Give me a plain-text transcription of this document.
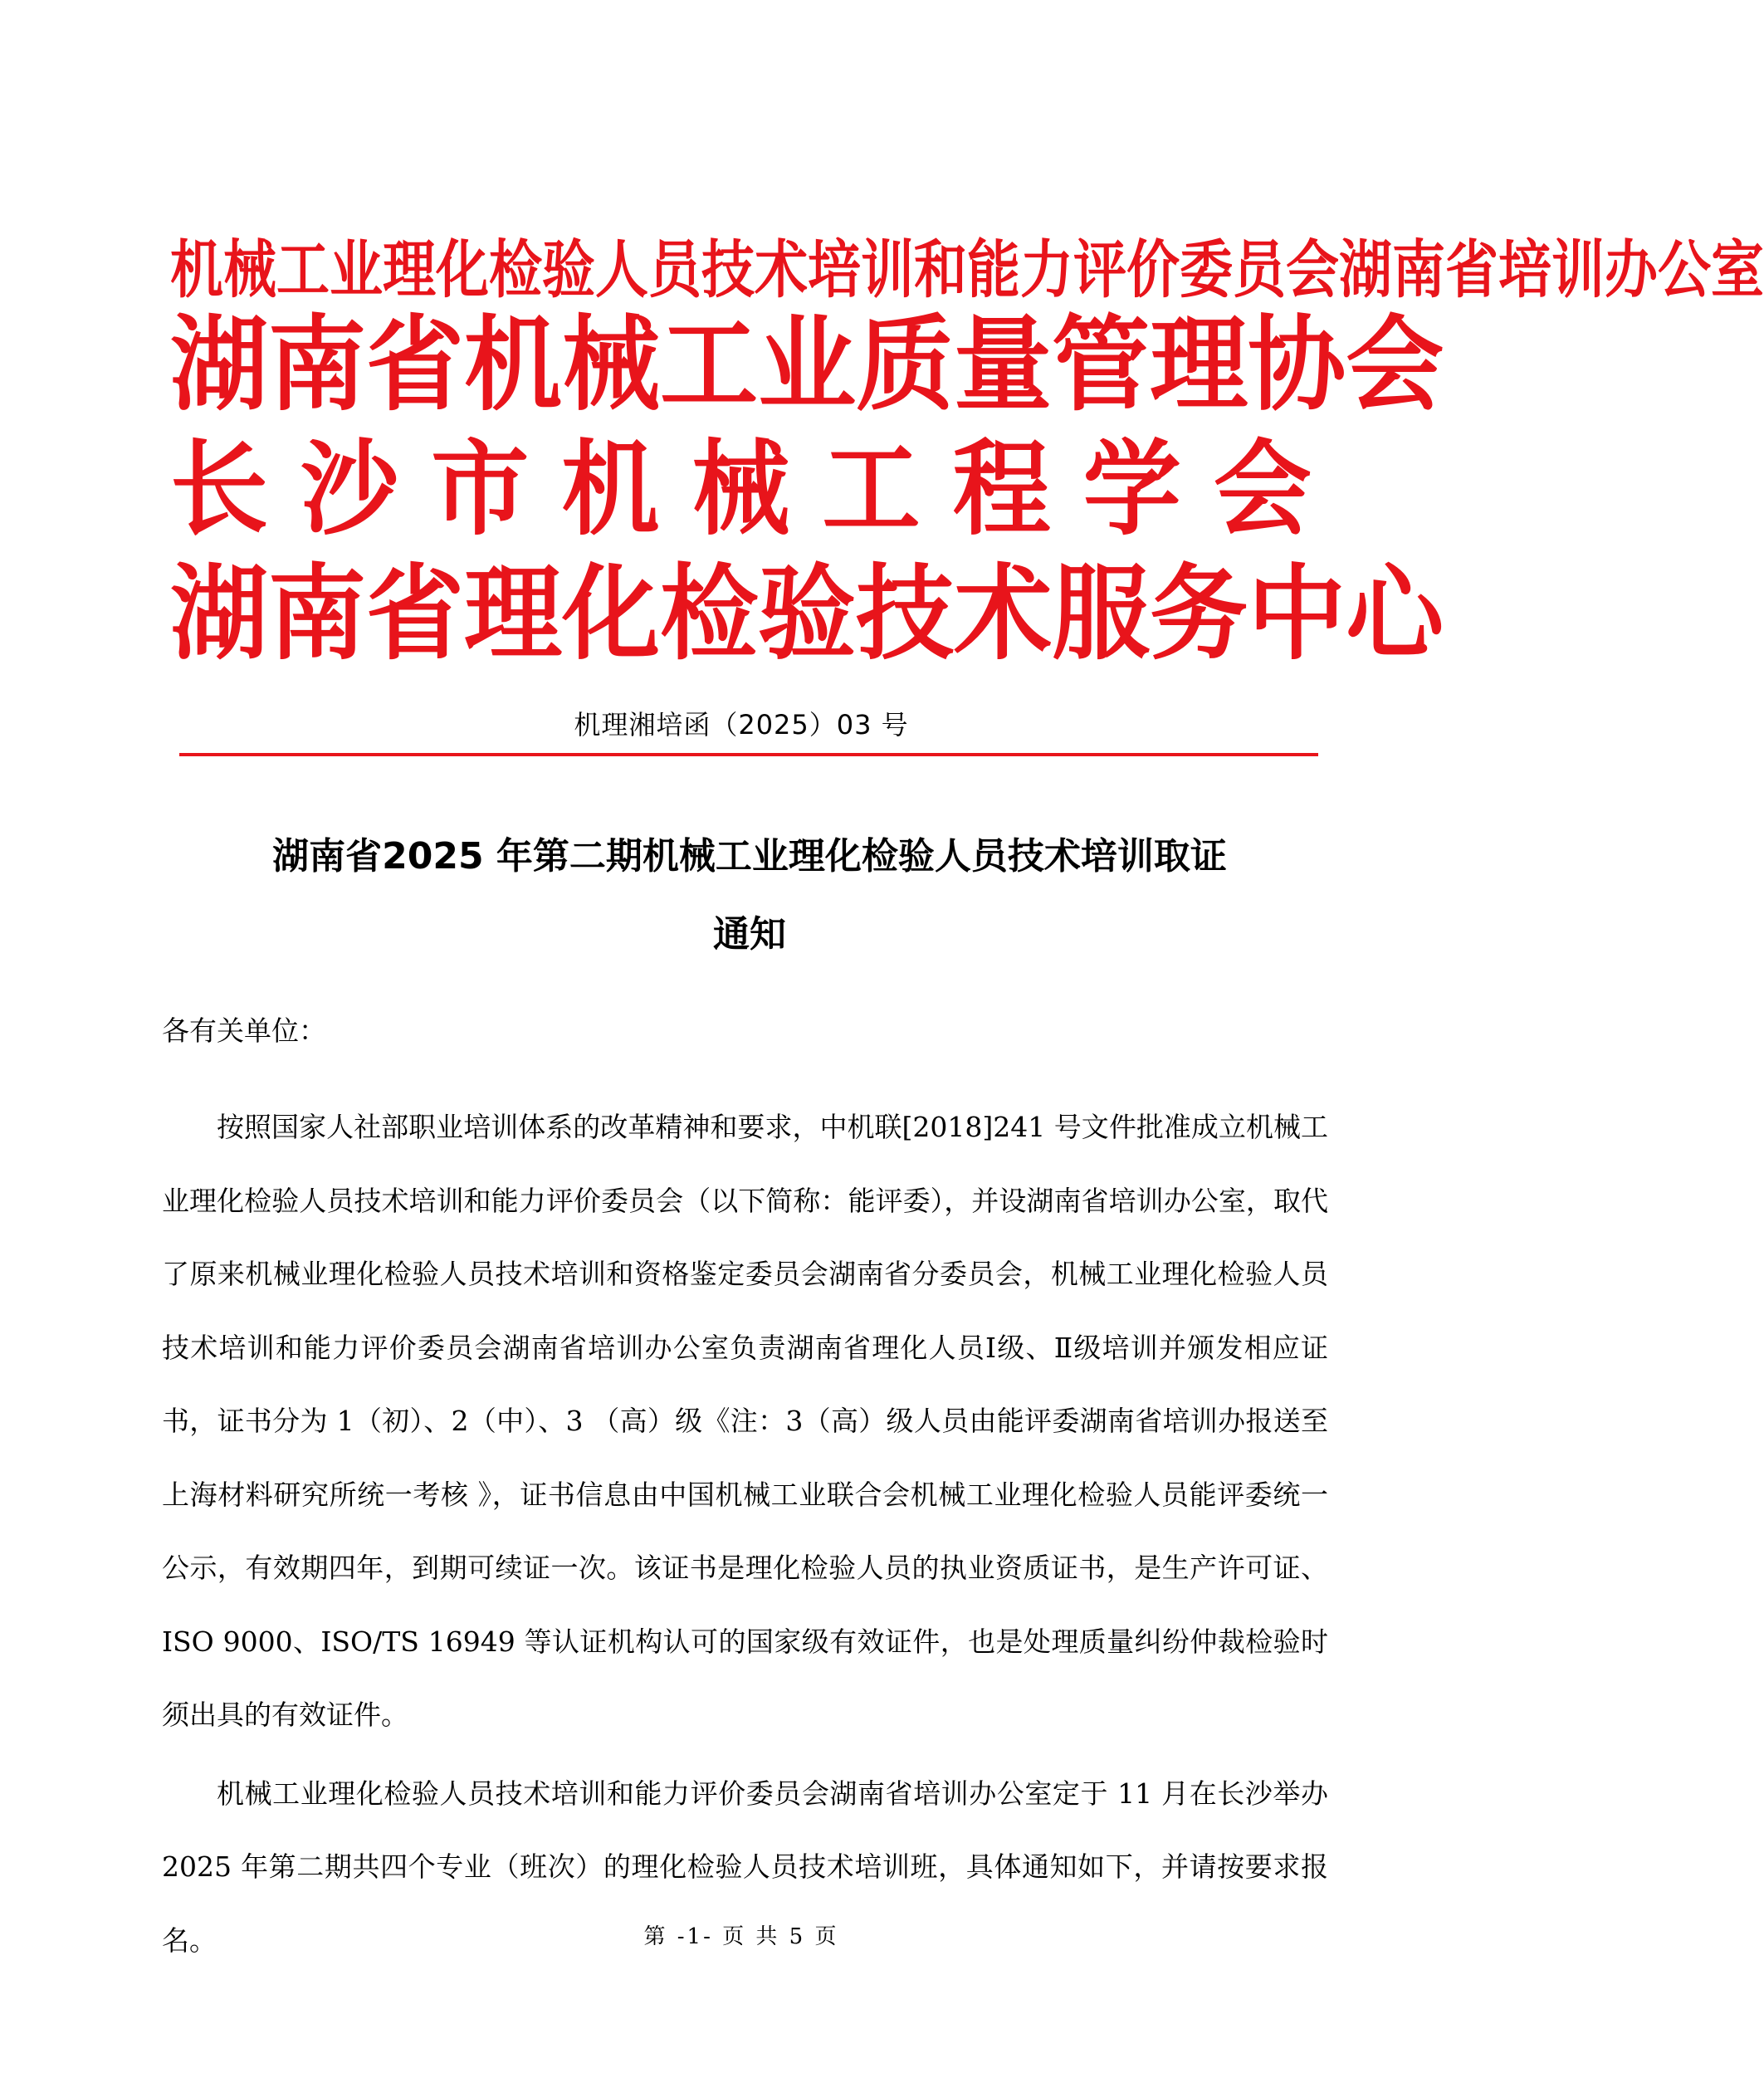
机 械 工 业 理 化 检 验 人 员 技 术 培 训 和 能 力 评 价 委 员 会 湖 南 省 培 训 办 公 室
湖 南 省 机 械 工 业 质 量 管 理 协 会
长 沙 市 机 械 工 程 学 会
湖 南 省 理 化 检 验 技 术 服 务 中 心
机理湘培函（2025）03 号
湖南省2025 年第二期机械工业理化检验人员技术培训取证
通知

各有关单位：

按照国家人社部职业培训体系的改革精神和要求，中机联[2018]241 号文件批准成立机械工业理化检验人员技术培训和能力评价委员会（以下简称：能评委），并设湖南省培训办公室，取代了原来机械业理化检验人员技术培训和资格鉴定委员会湖南省分委员会，机械工业理化检验人员技术培训和能力评价委员会湖南省培训办公室负责湖南省理化人员Ⅰ级、Ⅱ级培训并颁发相应证书，证书分为 1（初）、2（中）、3 （高）级《注：3（高）级人员由能评委湖南省培训办报送至上海材料研究所统一考核 》，证书信息由中国机械工业联合会机械工业理化检验人员能评委统一公示，有效期四年，到期可续证一次。该证书是理化检验人员的执业资质证书，是生产许可证、ISO 9000、ISO/TS 16949 等认证机构认可的国家级有效证件，也是处理质量纠纷仲裁检验时须出具的有效证件。

机械工业理化检验人员技术培训和能力评价委员会湖南省培训办公室定于 11 月在长沙举办 2025 年第二期共四个专业（班次）的理化检验人员技术培训班，具体通知如下，并请按要求报名。	第 -1- 页 共 5 页
